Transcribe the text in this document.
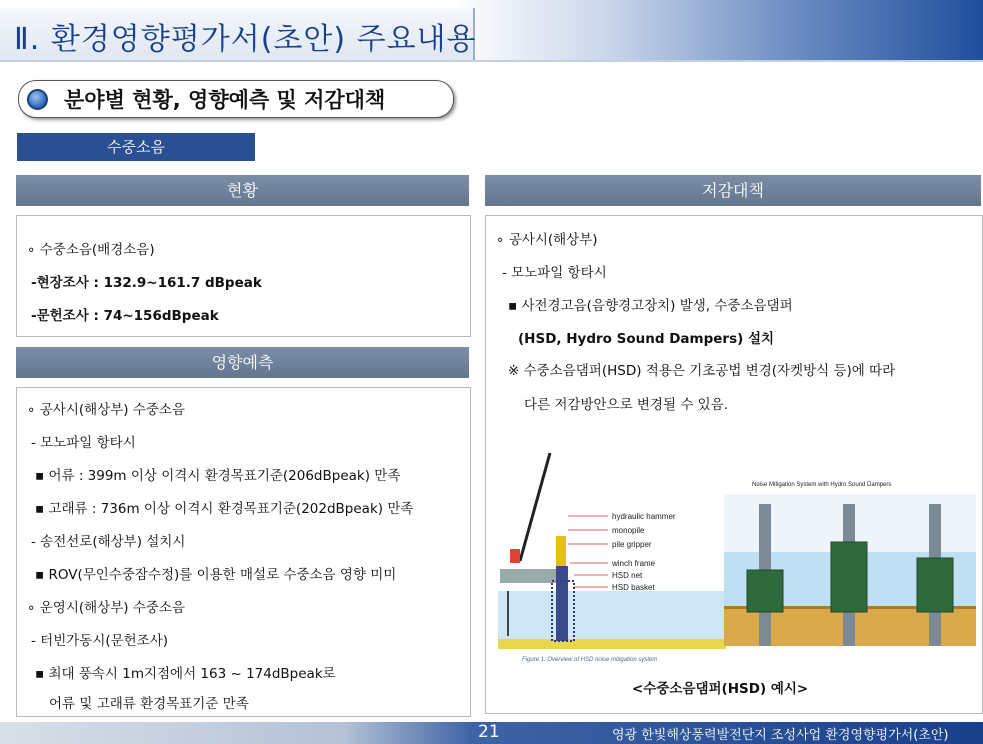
Ⅱ. 환경영향평가서(초안) 주요내용
분야별 현황, 영향예측 및 저감대책
수중소음
현황
∘ 수중소음(배경소음)
-현장조사 : 132.9~161.7 dBpeak
-문헌조사 : 74~156dBpeak
영향예측
∘ 공사시(해상부) 수중소음
- 모노파일 항타시
▪ 어류 : 399m 이상 이격시 환경목표기준(206dBpeak) 만족
▪ 고래류 : 736m 이상 이격시 환경목표기준(202dBpeak) 만족
- 송전선로(해상부) 설치시
▪ ROV(무인수중잠수정)를 이용한 매설로 수중소음 영향 미미
∘ 운영시(해상부) 수중소음
- 터빈가동시(문헌조사)
▪ 최대 풍속시 1m지점에서 163 ~ 174dBpeak로
어류 및 고래류 환경목표기준 만족
저감대책
∘ 공사시(해상부)
- 모노파일 항타시
▪ 사전경고음(음향경고장치) 발생, 수중소음댐퍼
(HSD, Hydro Sound Dampers) 설치
※ 수중소음댐퍼(HSD) 적용은 기초공법 변경(자켓방식 등)에 따라
다른 저감방안으로 변경될 수 있음.
hydraulic hammer
monopile
pile gripper
winch frame
HSD net
HSD basket
Figure 1: Overview of HSD noise mitigation system
Noise Mitigation System with Hydro Sound Dampers
<수중소음댐퍼(HSD) 예시>
21	영광 한빛해상풍력발전단지 조성사업 환경영향평가서(초안)
